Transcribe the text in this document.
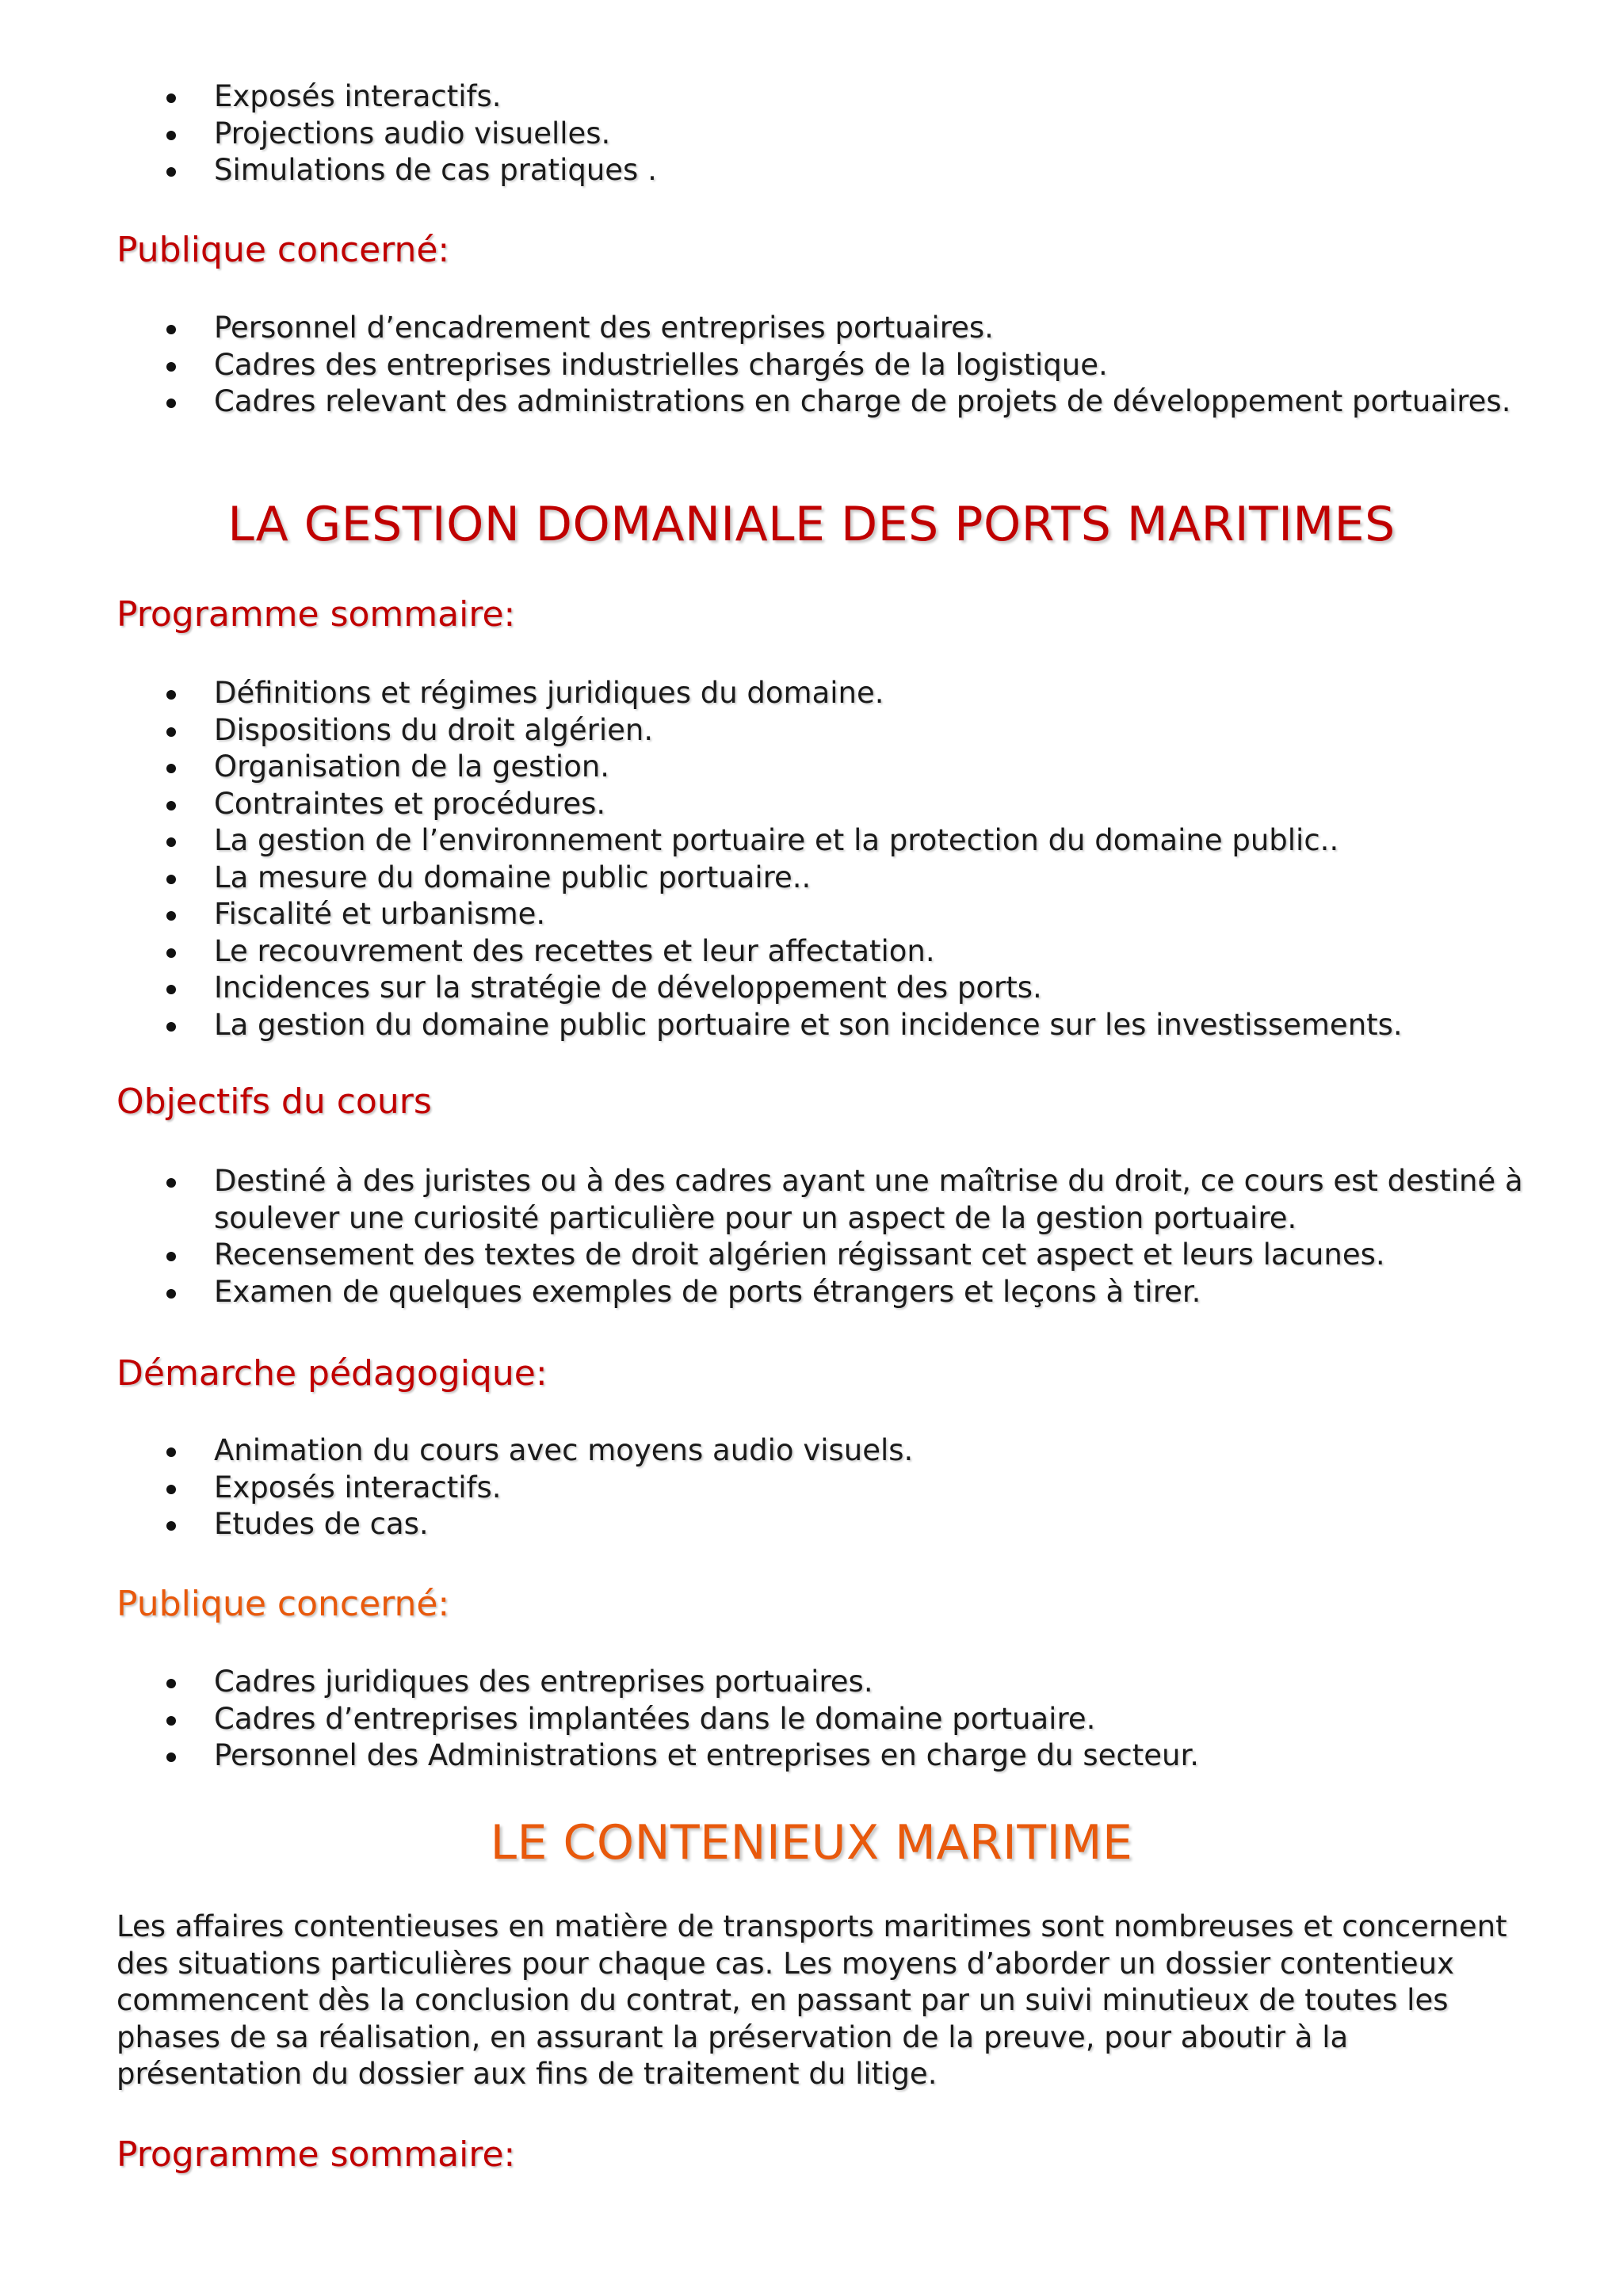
Exposés interactifs.
Projections audio visuelles.
Simulations de cas pratiques .
Publique concerné:
Personnel d’encadrement des entreprises portuaires.
Cadres des entreprises industrielles chargés de la logistique.
Cadres relevant des administrations en charge de projets de développement portuaires.
LA GESTION DOMANIALE DES PORTS MARITIMES
Programme sommaire:
Définitions et régimes juridiques du domaine.
Dispositions du droit algérien.
Organisation de la gestion.
Contraintes et procédures.
La gestion de l’environnement portuaire et la protection du domaine public..
La mesure du domaine public portuaire..
Fiscalité et urbanisme.
Le recouvrement des recettes et leur affectation.
Incidences sur la stratégie de développement des ports.
La gestion du domaine public portuaire et son incidence sur les investissements.
Objectifs du cours
Destiné à des juristes ou à des cadres ayant une maîtrise du droit, ce cours est destiné à soulever une curiosité particulière pour un aspect de la gestion portuaire.
Recensement des textes de droit algérien régissant cet aspect et leurs lacunes.
Examen de quelques exemples de ports étrangers et leçons à tirer.
Démarche pédagogique:
Animation du cours avec moyens audio visuels.
Exposés interactifs.
Etudes de cas.
Publique concerné:
Cadres juridiques des entreprises portuaires.
Cadres d’entreprises implantées dans le domaine portuaire.
Personnel des Administrations et entreprises en charge du secteur.
LE CONTENIEUX MARITIME

Les affaires contentieuses en matière de transports maritimes sont nombreuses et concernent des situations particulières pour chaque cas. Les moyens d’aborder un dossier contentieux commencent dès la conclusion du contrat, en passant par un suivi minutieux de toutes les phases de sa réalisation, en assurant la préservation de la preuve, pour aboutir à la présentation du dossier aux fins de traitement du litige.

Programme sommaire:
